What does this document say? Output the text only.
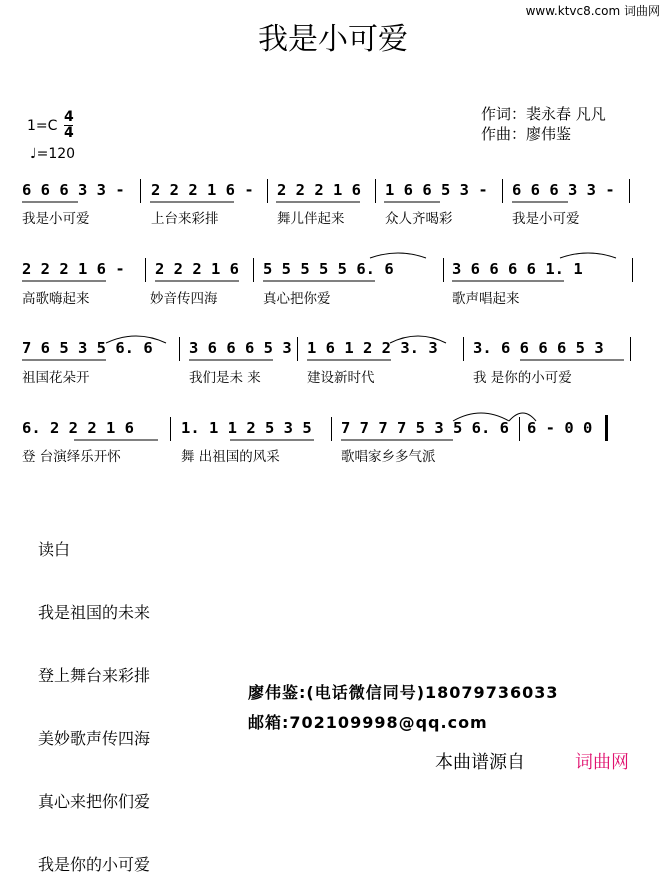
www.ktvc8.com 词曲网
我是小可爱
作词：裴永春 凡凡
作曲：廖伟鉴
1=C
4
4
♩=120
6 6 6 3 3 - 2 2 2 1 6 - 2 2 2 1 6 1 6 6 5 3 - 6 6 6 3 3 -
我是小可爱	上台来彩排	舞儿伴起来	众人齐喝彩	我是小可爱
2 2 2 1 6 - 2 2 2 1 6 5 5 5 5 5 6. 6	3 6 6 6 6 1. 1
高歌嗨起来	妙音传四海	真心把你爱	歌声唱起来
7 6 5 3 5 6. 6 3 6 6 6 5 3 1 6 1 2 2 3. 3 3. 6 6 6 6 5 3
祖国花朵开	我们是未 来	建设新时代	我 是你的小可爱
6. 2 2 2 1 6	1. 1 1 2 5 3 5 7 7 7 7 5 3 5 6. 6 6 - 0 0
登 台演绎乐开怀	舞 出祖国的风采	歌唱家乡多气派

读白

我是祖国的未来

登上舞台来彩排

美妙歌声传四海

真心来把你们爱

我是你的小可爱

廖伟鉴:(电话微信同号)18079736033
邮箱:702109998@qq.com
本曲谱源自	词曲网
